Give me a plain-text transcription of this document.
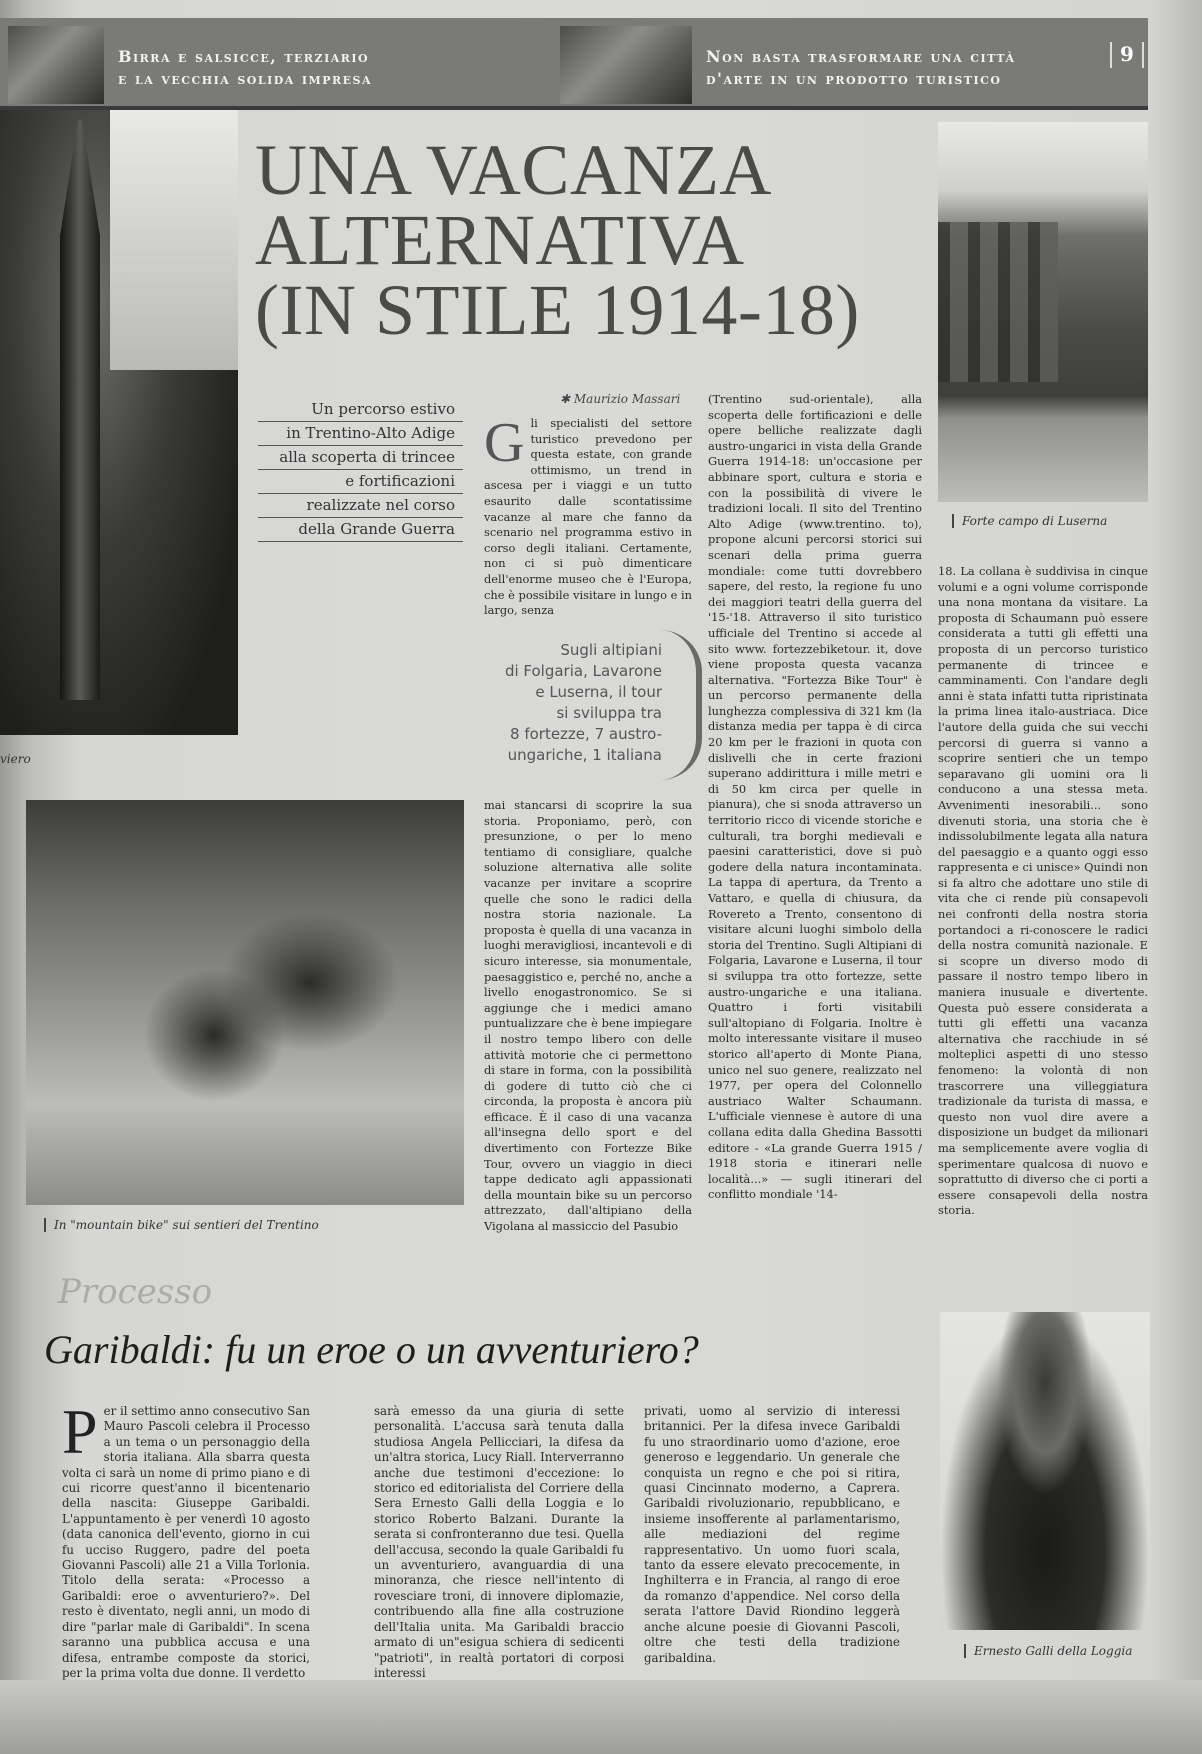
Birra e salsicce, terziario
e la vecchia solida impresa
Non basta trasformare una città
d'arte in un prodotto turistico
9
viero
UNA VACANZA
ALTERNATIVA
(IN STILE 1914-18)
Forte campo di Luserna
Un percorso estivo
in Trentino-Alto Adige
alla scoperta di trincee
e fortificazioni
realizzate nel corso
della Grande Guerra
✱ Maurizio Massari
Gli specialisti del settore turistico prevedono per questa estate, con grande ottimismo, un trend in ascesa per i viaggi e un tutto esaurito dalle scontatissime vacanze al mare che fanno da scenario nel programma estivo in corso degli italiani. Certamente, non ci si può dimenticare dell'enorme museo che è l'Europa, che è possibile visitare in lungo e in largo, senza
Sugli altipiani
di Folgaria, Lavarone
e Luserna, il tour
si sviluppa tra
8 fortezze, 7 austro-
ungariche, 1 italiana
mai stancarsi di scoprire la sua storia. Proponiamo, però, con presunzione, o per lo meno tentiamo di consigliare, qualche soluzione alternativa alle solite vacanze per invitare a scoprire quelle che sono le radici della nostra storia nazionale. La proposta è quella di una vacanza in luoghi meravigliosi, incantevoli e di sicuro interesse, sia monumentale, paesaggistico e, perché no, anche a livello enogastronomico. Se si aggiunge che i medici amano puntualizzare che è bene impiegare il nostro tempo libero con delle attività motorie che ci permettono di stare in forma, con la possibilità di godere di tutto ciò che ci circonda, la proposta è ancora più efficace. È il caso di una vacanza all'insegna dello sport e del divertimento con Fortezze Bike Tour, ovvero un viaggio in dieci tappe dedicato agli appassionati della mountain bike su un percorso attrezzato, dall'altipiano della Vigolana al massiccio del Pasubio
(Trentino sud-orientale), alla scoperta delle fortificazioni e delle opere belliche realizzate dagli austro-ungarici in vista della Grande Guerra 1914-18: un'occasione per abbinare sport, cultura e storia e con la possibilità di vivere le tradizioni locali. Il sito del Trentino Alto Adige (www.trentino. to), propone alcuni percorsi storici sui scenari della prima guerra mondiale: come tutti dovrebbero sapere, del resto, la regione fu uno dei maggiori teatri della guerra del '15-'18. Attraverso il sito turistico ufficiale del Trentino si accede al sito www. fortezzebiketour. it, dove viene proposta questa vacanza alternativa. "Fortezza Bike Tour" è un percorso permanente della lunghezza complessiva di 321 km (la distanza media per tappa è di circa 20 km per le frazioni in quota con dislivelli che in certe frazioni superano addirittura i mille metri e di 50 km circa per quelle in pianura), che si snoda attraverso un territorio ricco di vicende storiche e culturali, tra borghi medievali e paesini caratteristici, dove si può godere della natura incontaminata. La tappa di apertura, da Trento a Vattaro, e quella di chiusura, da Rovereto a Trento, consentono di visitare alcuni luoghi simbolo della storia del Trentino. Sugli Altipiani di Folgaria, Lavarone e Luserna, il tour si sviluppa tra otto fortezze, sette austro-ungariche e una italiana. Quattro i forti visitabili sull'altopiano di Folgaria. Inoltre è molto interessante visitare il museo storico all'aperto di Monte Piana, unico nel suo genere, realizzato nel 1977, per opera del Colonnello austriaco Walter Schaumann. L'ufficiale viennese è autore di una collana edita dalla Ghedina Bassotti editore - «La grande Guerra 1915 / 1918 storia e itinerari nelle località...» — sugli itinerari del conflitto mondiale '14-
18. La collana è suddivisa in cinque volumi e a ogni volume corrisponde una nona montana da visitare. La proposta di Schaumann può essere considerata a tutti gli effetti una proposta di un percorso turistico permanente di trincee e camminamenti. Con l'andare degli anni è stata infatti tutta ripristinata la prima linea italo-austriaca. Dice l'autore della guida che sui vecchi percorsi di guerra si vanno a scoprire sentieri che un tempo separavano gli uomini ora li conducono a una stessa meta. Avvenimenti inesorabili... sono divenuti storia, una storia che è indissolubilmente legata alla natura del paesaggio e a quanto oggi esso rappresenta e ci unisce» Quindi non si fa altro che adottare uno stile di vita che ci rende più consapevoli nei confronti della nostra storia portandoci a ri-conoscere le radici della nostra comunità nazionale. E si scopre un diverso modo di passare il nostro tempo libero in maniera inusuale e divertente. Questa può essere considerata a tutti gli effetti una vacanza alternativa che racchiude in sé molteplici aspetti di uno stesso fenomeno: la volontà di non trascorrere una villeggiatura tradizionale da turista di massa, e questo non vuol dire avere a disposizione un budget da milionari ma semplicemente avere voglia di sperimentare qualcosa di nuovo e soprattutto di diverso che ci porti a essere consapevoli della nostra storia.
In "mountain bike" sui sentieri del Trentino
Processo
Garibaldi: fu un eroe o un avventuriero?
Per il settimo anno consecutivo San Mauro Pascoli celebra il Processo a un tema o un personaggio della storia italiana. Alla sbarra questa volta ci sarà un nome di primo piano e di cui ricorre quest'anno il bicentenario della nascita: Giuseppe Garibaldi. L'appuntamento è per venerdì 10 agosto (data canonica dell'evento, giorno in cui fu ucciso Ruggero, padre del poeta Giovanni Pascoli) alle 21 a Villa Torlonia. Titolo della serata: «Processo a Garibaldi: eroe o avventuriero?». Del resto è diventato, negli anni, un modo di dire "parlar male di Garibaldi". In scena saranno una pubblica accusa e una difesa, entrambe composte da storici, per la prima volta due donne. Il verdetto
sarà emesso da una giuria di sette personalità. L'accusa sarà tenuta dalla studiosa Angela Pellicciari, la difesa da un'altra storica, Lucy Riall. Interverranno anche due testimoni d'eccezione: lo storico ed editorialista del Corriere della Sera Ernesto Galli della Loggia e lo storico Roberto Balzani. Durante la serata si confronteranno due tesi. Quella dell'accusa, secondo la quale Garibaldi fu un avventuriero, avanguardia di una minoranza, che riesce nell'intento di rovesciare troni, di innovere diplomazie, contribuendo alla fine alla costruzione dell'Italia unita. Ma Garibaldi braccio armato di un"esigua schiera di sedicenti "patrioti", in realtà portatori di corposi interessi
privati, uomo al servizio di interessi britannici. Per la difesa invece Garibaldi fu uno straordinario uomo d'azione, eroe generoso e leggendario. Un generale che conquista un regno e che poi si ritira, quasi Cincinnato moderno, a Caprera. Garibaldi rivoluzionario, repubblicano, e insieme insofferente al parlamentarismo, alle mediazioni del regime rappresentativo. Un uomo fuori scala, tanto da essere elevato precocemente, in Inghilterra e in Francia, al rango di eroe da romanzo d'appendice. Nel corso della serata l'attore David Riondino leggerà anche alcune poesie di Giovanni Pascoli, oltre che testi della tradizione garibaldina.	Ernesto Galli della Loggia
